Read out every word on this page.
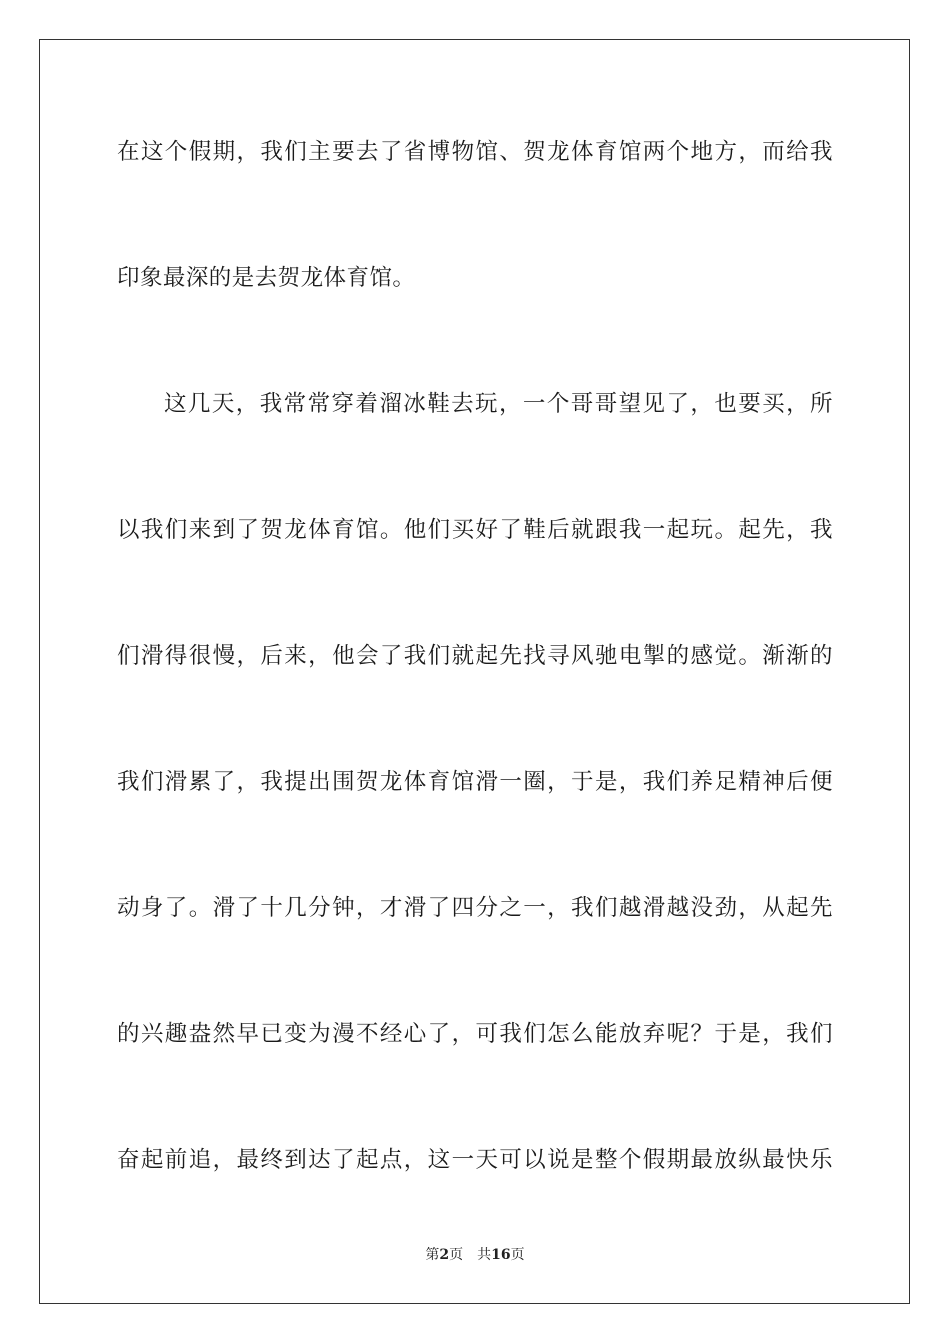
在这个假期，我们主要去了省博物馆、贺龙体育馆两个地方，而给我
印象最深的是去贺龙体育馆。
这几天，我常常穿着溜冰鞋去玩，一个哥哥望见了，也要买，所
以我们来到了贺龙体育馆。他们买好了鞋后就跟我一起玩。起先，我
们滑得很慢，后来，他会了我们就起先找寻风驰电掣的感觉。渐渐的
我们滑累了，我提出围贺龙体育馆滑一圈，于是，我们养足精神后便
动身了。滑了十几分钟，才滑了四分之一，我们越滑越没劲，从起先
的兴趣盎然早已变为漫不经心了，可我们怎么能放弃呢？于是，我们
奋起前追，最终到达了起点，这一天可以说是整个假期最放纵最快乐
第2页 共16页
